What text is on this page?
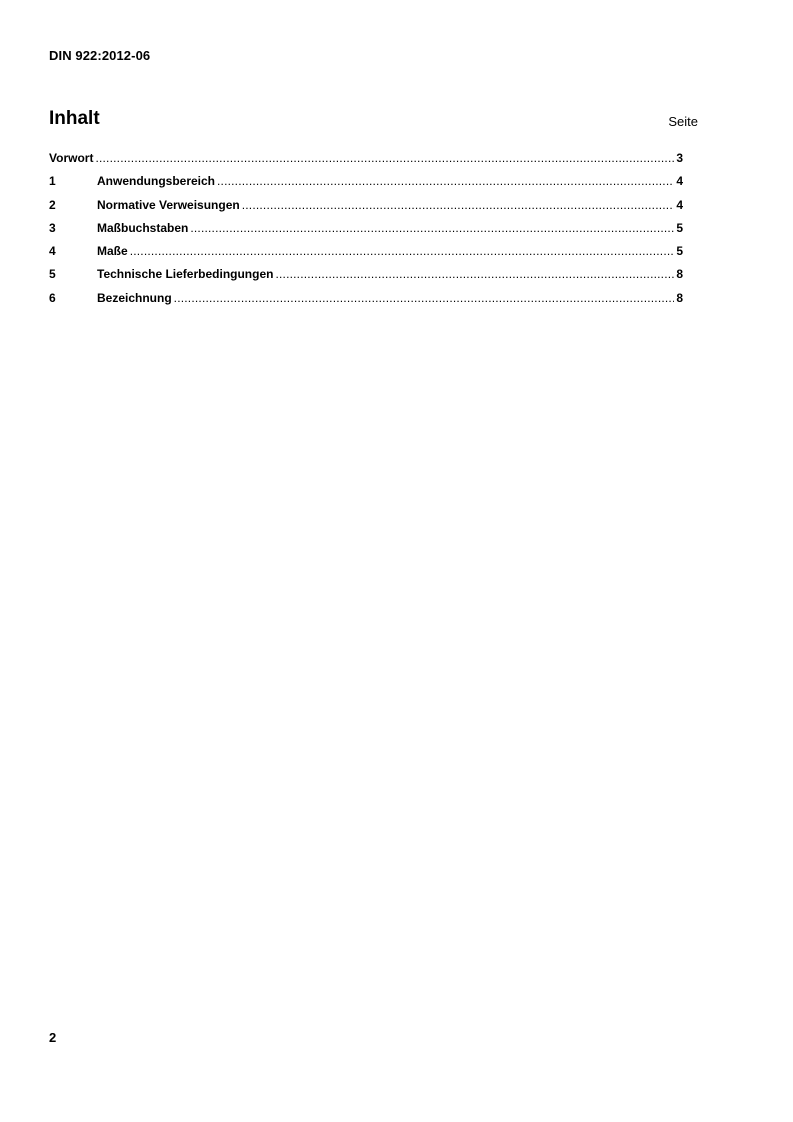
DIN 922:2012-06
Inhalt	Seite
Vorwort .....	3
1	Anwendungsbereich .....	4
2	Normative Verweisungen .....	4
3	Maßbuchstaben .....	5
4	Maße .....	5
5	Technische Lieferbedingungen .....	8
6	Bezeichnung .....	8
2
